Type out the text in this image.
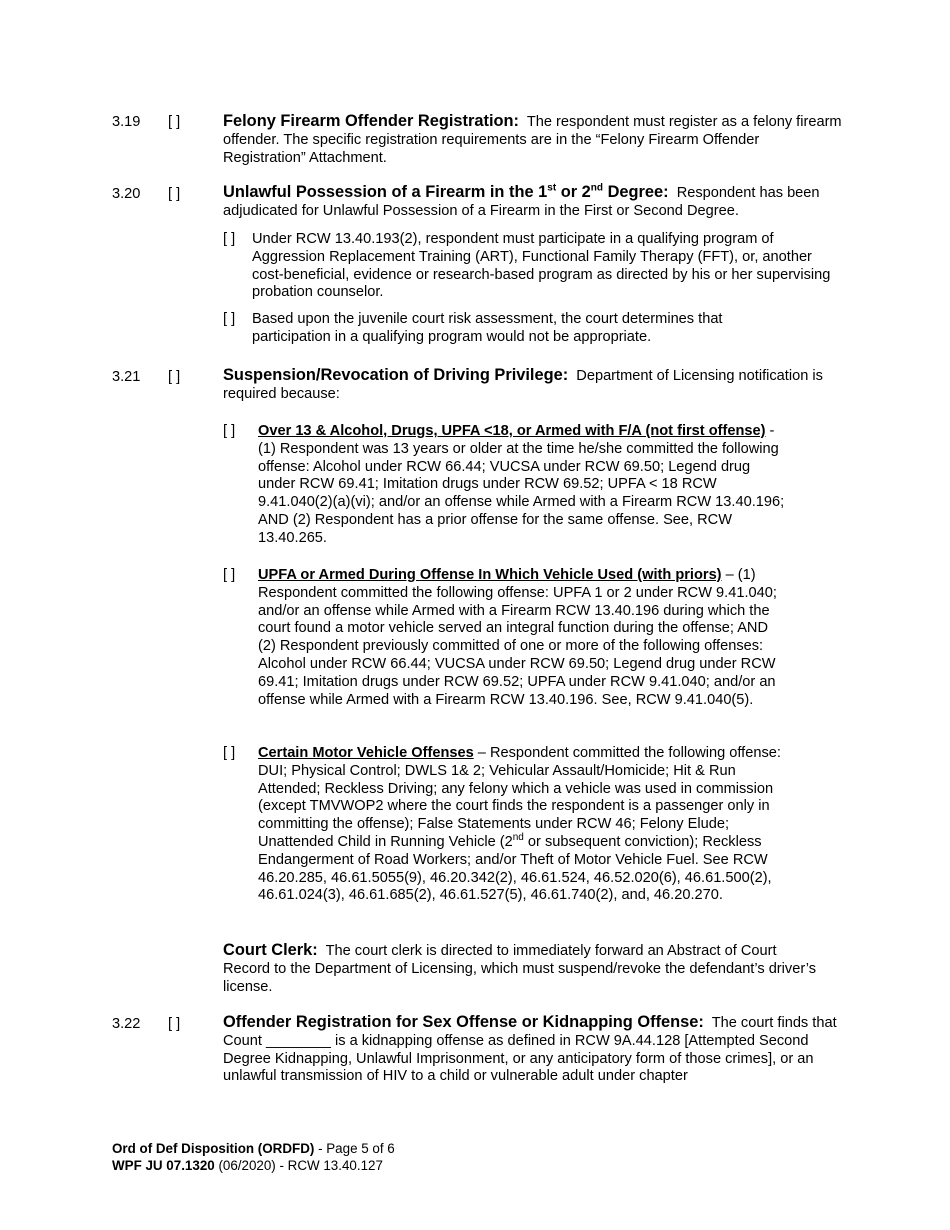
3.19 [ ]	Felony Firearm Offender Registration: The respondent must register as a felony firearm offender. The specific registration requirements are in the “Felony Firearm Offender Registration” Attachment.
3.20 [ ]	Unlawful Possession of a Firearm in the 1st or 2nd Degree: Respondent has been adjudicated for Unlawful Possession of a Firearm in the First or Second Degree.
[ ] Under RCW 13.40.193(2), respondent must participate in a qualifying program of Aggression Replacement Training (ART), Functional Family Therapy (FFT), or, another cost-beneficial, evidence or research-based program as directed by his or her supervising probation counselor.
[ ] Based upon the juvenile court risk assessment, the court determines that participation in a qualifying program would not be appropriate.
3.21 [ ]	Suspension/Revocation of Driving Privilege: Department of Licensing notification is required because:
[ ] Over 13 & Alcohol, Drugs, UPFA <18, or Armed with F/A (not first offense) - (1) Respondent was 13 years or older at the time he/she committed the following offense: Alcohol under RCW 66.44; VUCSA under RCW 69.50; Legend drug under RCW 69.41; Imitation drugs under RCW 69.52; UPFA < 18 RCW 9.41.040(2)(a)(vi); and/or an offense while Armed with a Firearm RCW 13.40.196; AND (2) Respondent has a prior offense for the same offense. See, RCW 13.40.265.
[ ] UPFA or Armed During Offense In Which Vehicle Used (with priors) – (1) Respondent committed the following offense: UPFA 1 or 2 under RCW 9.41.040; and/or an offense while Armed with a Firearm RCW 13.40.196 during which the court found a motor vehicle served an integral function during the offense; AND (2) Respondent previously committed of one or more of the following offenses: Alcohol under RCW 66.44; VUCSA under RCW 69.50; Legend drug under RCW 69.41; Imitation drugs under RCW 69.52; UPFA under RCW 9.41.040; and/or an offense while Armed with a Firearm RCW 13.40.196. See, RCW 9.41.040(5).
[ ] Certain Motor Vehicle Offenses – Respondent committed the following offense: DUI; Physical Control; DWLS 1& 2; Vehicular Assault/Homicide; Hit & Run Attended; Reckless Driving; any felony which a vehicle was used in commission (except TMVWOP2 where the court finds the respondent is a passenger only in committing the offense); False Statements under RCW 46; Felony Elude; Unattended Child in Running Vehicle (2nd or subsequent conviction); Reckless Endangerment of Road Workers; and/or Theft of Motor Vehicle Fuel. See RCW 46.20.285, 46.61.5055(9), 46.20.342(2), 46.61.524, 46.52.020(6), 46.61.500(2), 46.61.024(3), 46.61.685(2), 46.61.527(5), 46.61.740(2), and, 46.20.270.
Court Clerk: The court clerk is directed to immediately forward an Abstract of Court Record to the Department of Licensing, which must suspend/revoke the defendant’s driver’s license.
3.22 [ ]	Offender Registration for Sex Offense or Kidnapping Offense: The court finds that Count ________ is a kidnapping offense as defined in RCW 9A.44.128 [Attempted Second Degree Kidnapping, Unlawful Imprisonment, or any anticipatory form of those crimes], or an unlawful transmission of HIV to a child or vulnerable adult under chapter
Ord of Def Disposition (ORDFD) - Page 5 of 6
WPF JU 07.1320 (06/2020) - RCW 13.40.127
